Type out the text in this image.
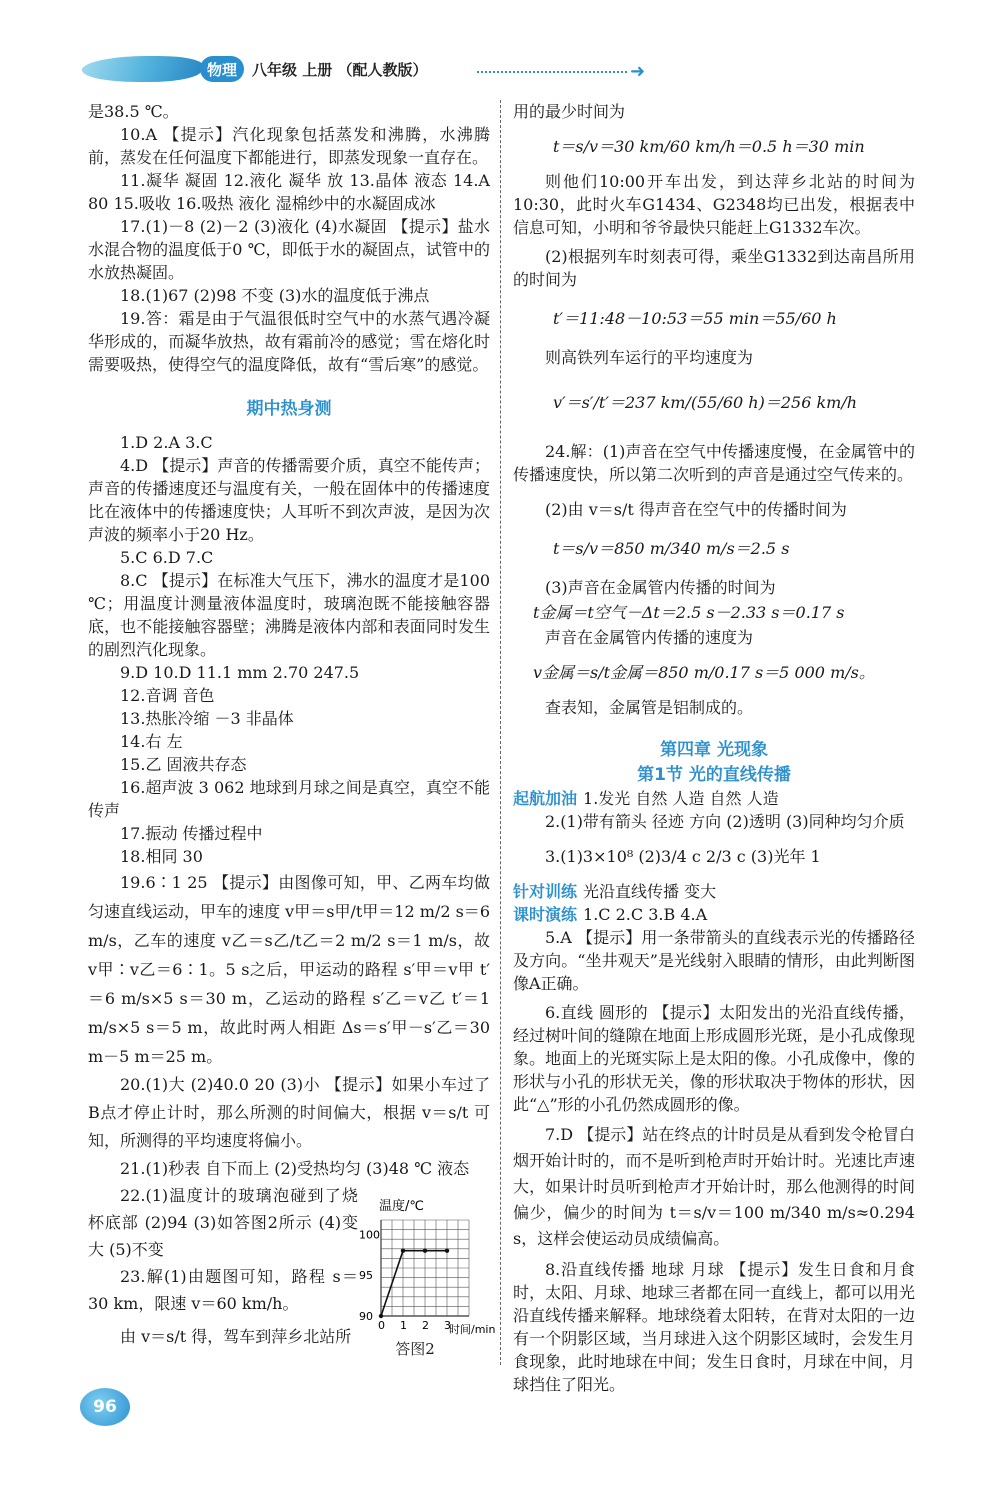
物理	八年级 上册 （配人教版）	➜

是38.5 ℃。

10.A 【提示】汽化现象包括蒸发和沸腾，水沸腾前，蒸发在任何温度下都能进行，即蒸发现象一直存在。

11.凝华 凝固 12.液化 凝华 放 13.晶体 液态 14.A 80 15.吸收 16.吸热 液化 湿棉纱中的水凝固成冰

17.(1)－8 (2)－2 (3)液化 (4)水凝固 【提示】盐水水混合物的温度低于0 ℃，即低于水的凝固点，试管中的水放热凝固。

18.(1)67 (2)98 不变 (3)水的温度低于沸点

19.答：霜是由于气温很低时空气中的水蒸气遇冷凝华形成的，而凝华放热，故有霜前冷的感觉；雪在熔化时需要吸热，使得空气的温度降低，故有“雪后寒”的感觉。

期中热身测

1.D 2.A 3.C

4.D 【提示】声音的传播需要介质，真空不能传声；声音的传播速度还与温度有关，一般在固体中的传播速度比在液体中的传播速度快；人耳听不到次声波，是因为次声波的频率小于20 Hz。

5.C 6.D 7.C

8.C 【提示】在标准大气压下，沸水的温度才是100 ℃；用温度计测量液体温度时，玻璃泡既不能接触容器底，也不能接触容器壁；沸腾是液体内部和表面同时发生的剧烈汽化现象。

9.D 10.D 11.1 mm 2.70 247.5

12.音调 音色

13.热胀冷缩 －3 非晶体

14.右 左

15.乙 固液共存态

16.超声波 3 062 地球到月球之间是真空，真空不能传声

17.振动 传播过程中

18.相同 30

19.6∶1 25 【提示】由图像可知，甲、乙两车均做匀速直线运动，甲车的速度 v甲＝s甲/t甲＝12 m/2 s＝6 m/s，乙车的速度 v乙＝s乙/t乙＝2 m/2 s＝1 m/s，故 v甲∶v乙＝6∶1。5 s之后，甲运动的路程 s′甲＝v甲 t′＝6 m/s×5 s＝30 m，乙运动的路程 s′乙＝v乙 t′＝1 m/s×5 s＝5 m，故此时两人相距 Δs＝s′甲－s′乙＝30 m－5 m＝25 m。

20.(1)大 (2)40.0 20 (3)小 【提示】如果小车过了B点才停止计时，那么所测的时间偏大，根据 v＝s/t 可知，所测得的平均速度将偏小。

21.(1)秒表 自下而上 (2)受热均匀 (3)48 ℃ 液态

22.(1)温度计的玻璃泡碰到了烧杯底部 (2)94 (3)如答图2所示 (4)变大 (5)不变

23.解(1)由题图可知，路程 s＝30 km，限速 v＝60 km/h。

由 v＝s/t 得，驾车到萍乡北站所

90
95
100
0 1 2 3
温度/℃
时间/min
答图2

用的最少时间为

t＝s/v＝30 km/60 km/h＝0.5 h＝30 min

则他们10:00开车出发，到达萍乡北站的时间为10:30，此时火车G1434、G2348均已出发，根据表中信息可知，小明和爷爷最快只能赶上G1332车次。

(2)根据列车时刻表可得，乘坐G1332到达南昌所用的时间为

t′＝11:48－10:53＝55 min＝55/60 h

则高铁列车运行的平均速度为

v′＝s′/t′＝237 km/(55/60 h)＝256 km/h

24.解：(1)声音在空气中传播速度慢，在金属管中的传播速度快，所以第二次听到的声音是通过空气传来的。

(2)由 v＝s/t 得声音在空气中的传播时间为

t＝s/v＝850 m/340 m/s＝2.5 s

(3)声音在金属管内传播的时间为

t金属＝t空气－Δt＝2.5 s－2.33 s＝0.17 s

声音在金属管内传播的速度为

v金属＝s/t金属＝850 m/0.17 s＝5 000 m/s。

查表知，金属管是铝制成的。

第四章 光现象
第1节 光的直线传播

起航加油 1.发光 自然 人造 自然 人造

2.(1)带有箭头 径迹 方向 (2)透明 (3)同种均匀介质

3.(1)3×10⁸ (2)3/4 c 2/3 c (3)光年 1

针对训练 光沿直线传播 变大

课时演练 1.C 2.C 3.B 4.A

5.A 【提示】用一条带箭头的直线表示光的传播路径及方向。“坐井观天”是光线射入眼睛的情形，由此判断图像A正确。

6.直线 圆形的 【提示】太阳发出的光沿直线传播，经过树叶间的缝隙在地面上形成圆形光斑，是小孔成像现象。地面上的光斑实际上是太阳的像。小孔成像中，像的形状与小孔的形状无关，像的形状取决于物体的形状，因此“△”形的小孔仍然成圆形的像。

7.D 【提示】站在终点的计时员是从看到发令枪冒白烟开始计时的，而不是听到枪声时开始计时。光速比声速大，如果计时员听到枪声才开始计时，那么他测得的时间偏少，偏少的时间为 t＝s/v＝100 m/340 m/s≈0.294 s，这样会使运动员成绩偏高。

8.沿直线传播 地球 月球 【提示】发生日食和月食时，太阳、月球、地球三者都在同一直线上，都可以用光沿直线传播来解释。地球绕着太阳转，在背对太阳的一边有一个阴影区域，当月球进入这个阴影区域时，会发生月食现象，此时地球在中间；发生日食时，月球在中间，月球挡住了阳光。

96
